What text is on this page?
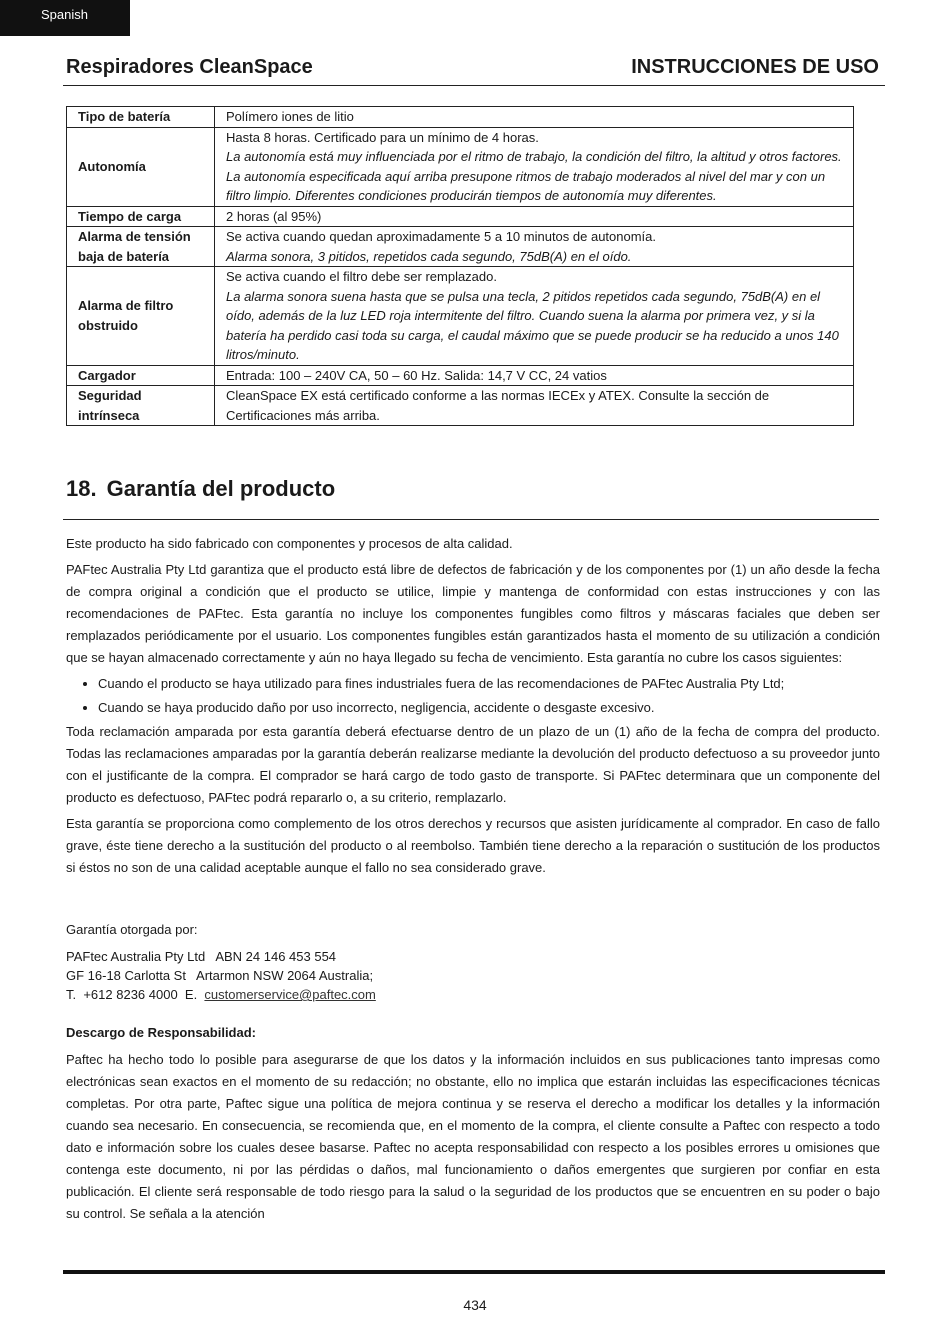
Spanish
Respiradores CleanSpace	INSTRUCCIONES DE USO
Tipo de batería	Polímero iones de litio

Autonomía	Hasta 8 horas. Certificado para un mínimo de 4 horas.
La autonomía está muy influenciada por el ritmo de trabajo, la condición del filtro, la altitud y otros factores. La autonomía especificada aquí arriba presupone ritmos de trabajo moderados al nivel del mar y con un filtro limpio. Diferentes condiciones producirán tiempos de autonomía muy diferentes.

Tiempo de carga	2 horas (al 95%)

Alarma de tensión baja de batería	Se activa cuando quedan aproximadamente 5 a 10 minutos de autonomía.
Alarma sonora, 3 pitidos, repetidos cada segundo, 75dB(A) en el oído.

Alarma de filtro obstruido	Se activa cuando el filtro debe ser remplazado.
La alarma sonora suena hasta que se pulsa una tecla, 2 pitidos repetidos cada segundo, 75dB(A) en el oído, además de la luz LED roja intermitente del filtro. Cuando suena la alarma por primera vez, y si la batería ha perdido casi toda su carga, el caudal máximo que se puede producir se ha reducido a unos 140 litros/minuto.

Cargador	Entrada: 100 – 240V CA, 50 – 60 Hz. Salida: 14,7 V CC, 24 vatios

Seguridad intrínseca	CleanSpace EX está certificado conforme a las normas IECEx y ATEX. Consulte la sección de Certificaciones más arriba.
18. Garantía del producto

Este producto ha sido fabricado con componentes y procesos de alta calidad.

PAFtec Australia Pty Ltd garantiza que el producto está libre de defectos de fabricación y de los componentes por (1) un año desde la fecha de compra original a condición que el producto se utilice, limpie y mantenga de conformidad con estas instrucciones y con las recomendaciones de PAFtec. Esta garantía no incluye los componentes fungibles como filtros y máscaras faciales que deben ser remplazados periódicamente por el usuario. Los componentes fungibles están garantizados hasta el momento de su utilización a condición que se hayan almacenado correctamente y aún no haya llegado su fecha de vencimiento. Esta garantía no cubre los casos siguientes:

• Cuando el producto se haya utilizado para fines industriales fuera de las recomendaciones de PAFtec Australia Pty Ltd;
• Cuando se haya producido daño por uso incorrecto, negligencia, accidente o desgaste excesivo.

Toda reclamación amparada por esta garantía deberá efectuarse dentro de un plazo de un (1) año de la fecha de compra del producto. Todas las reclamaciones amparadas por la garantía deberán realizarse mediante la devolución del producto defectuoso a su proveedor junto con el justificante de la compra. El comprador se hará cargo de todo gasto de transporte. Si PAFtec determinara que un componente del producto es defectuoso, PAFtec podrá repararlo o, a su criterio, remplazarlo.

Esta garantía se proporciona como complemento de los otros derechos y recursos que asisten jurídicamente al comprador. En caso de fallo grave, éste tiene derecho a la sustitución del producto o al reembolso. También tiene derecho a la reparación o sustitución de los productos si éstos no son de una calidad aceptable aunque el fallo no sea considerado grave.

Garantía otorgada por:

PAFtec Australia Pty Ltd   ABN 24 146 453 554
GF 16-18 Carlotta St   Artarmon NSW 2064 Australia;
T.  +612 8236 4000  E.  customerservice@paftec.com

Descargo de Responsabilidad:

Paftec ha hecho todo lo posible para asegurarse de que los datos y la información incluidos en sus publicaciones tanto impresas como electrónicas sean exactos en el momento de su redacción; no obstante, ello no implica que estarán incluidas las especificaciones técnicas completas. Por otra parte, Paftec sigue una política de mejora continua y se reserva el derecho a modificar los detalles y la información cuando sea necesario. En consecuencia, se recomienda que, en el momento de la compra, el cliente consulte a Paftec con respecto a todo dato e información sobre los cuales desee basarse. Paftec no acepta responsabilidad con respecto a los posibles errores u omisiones que contenga este documento, ni por las pérdidas o daños, mal funcionamiento o daños emergentes que surgieren por confiar en esta publicación. El cliente será responsable de todo riesgo para la salud o la seguridad de los productos que se encuentren en su poder o bajo su control. Se señala a la atención

434
